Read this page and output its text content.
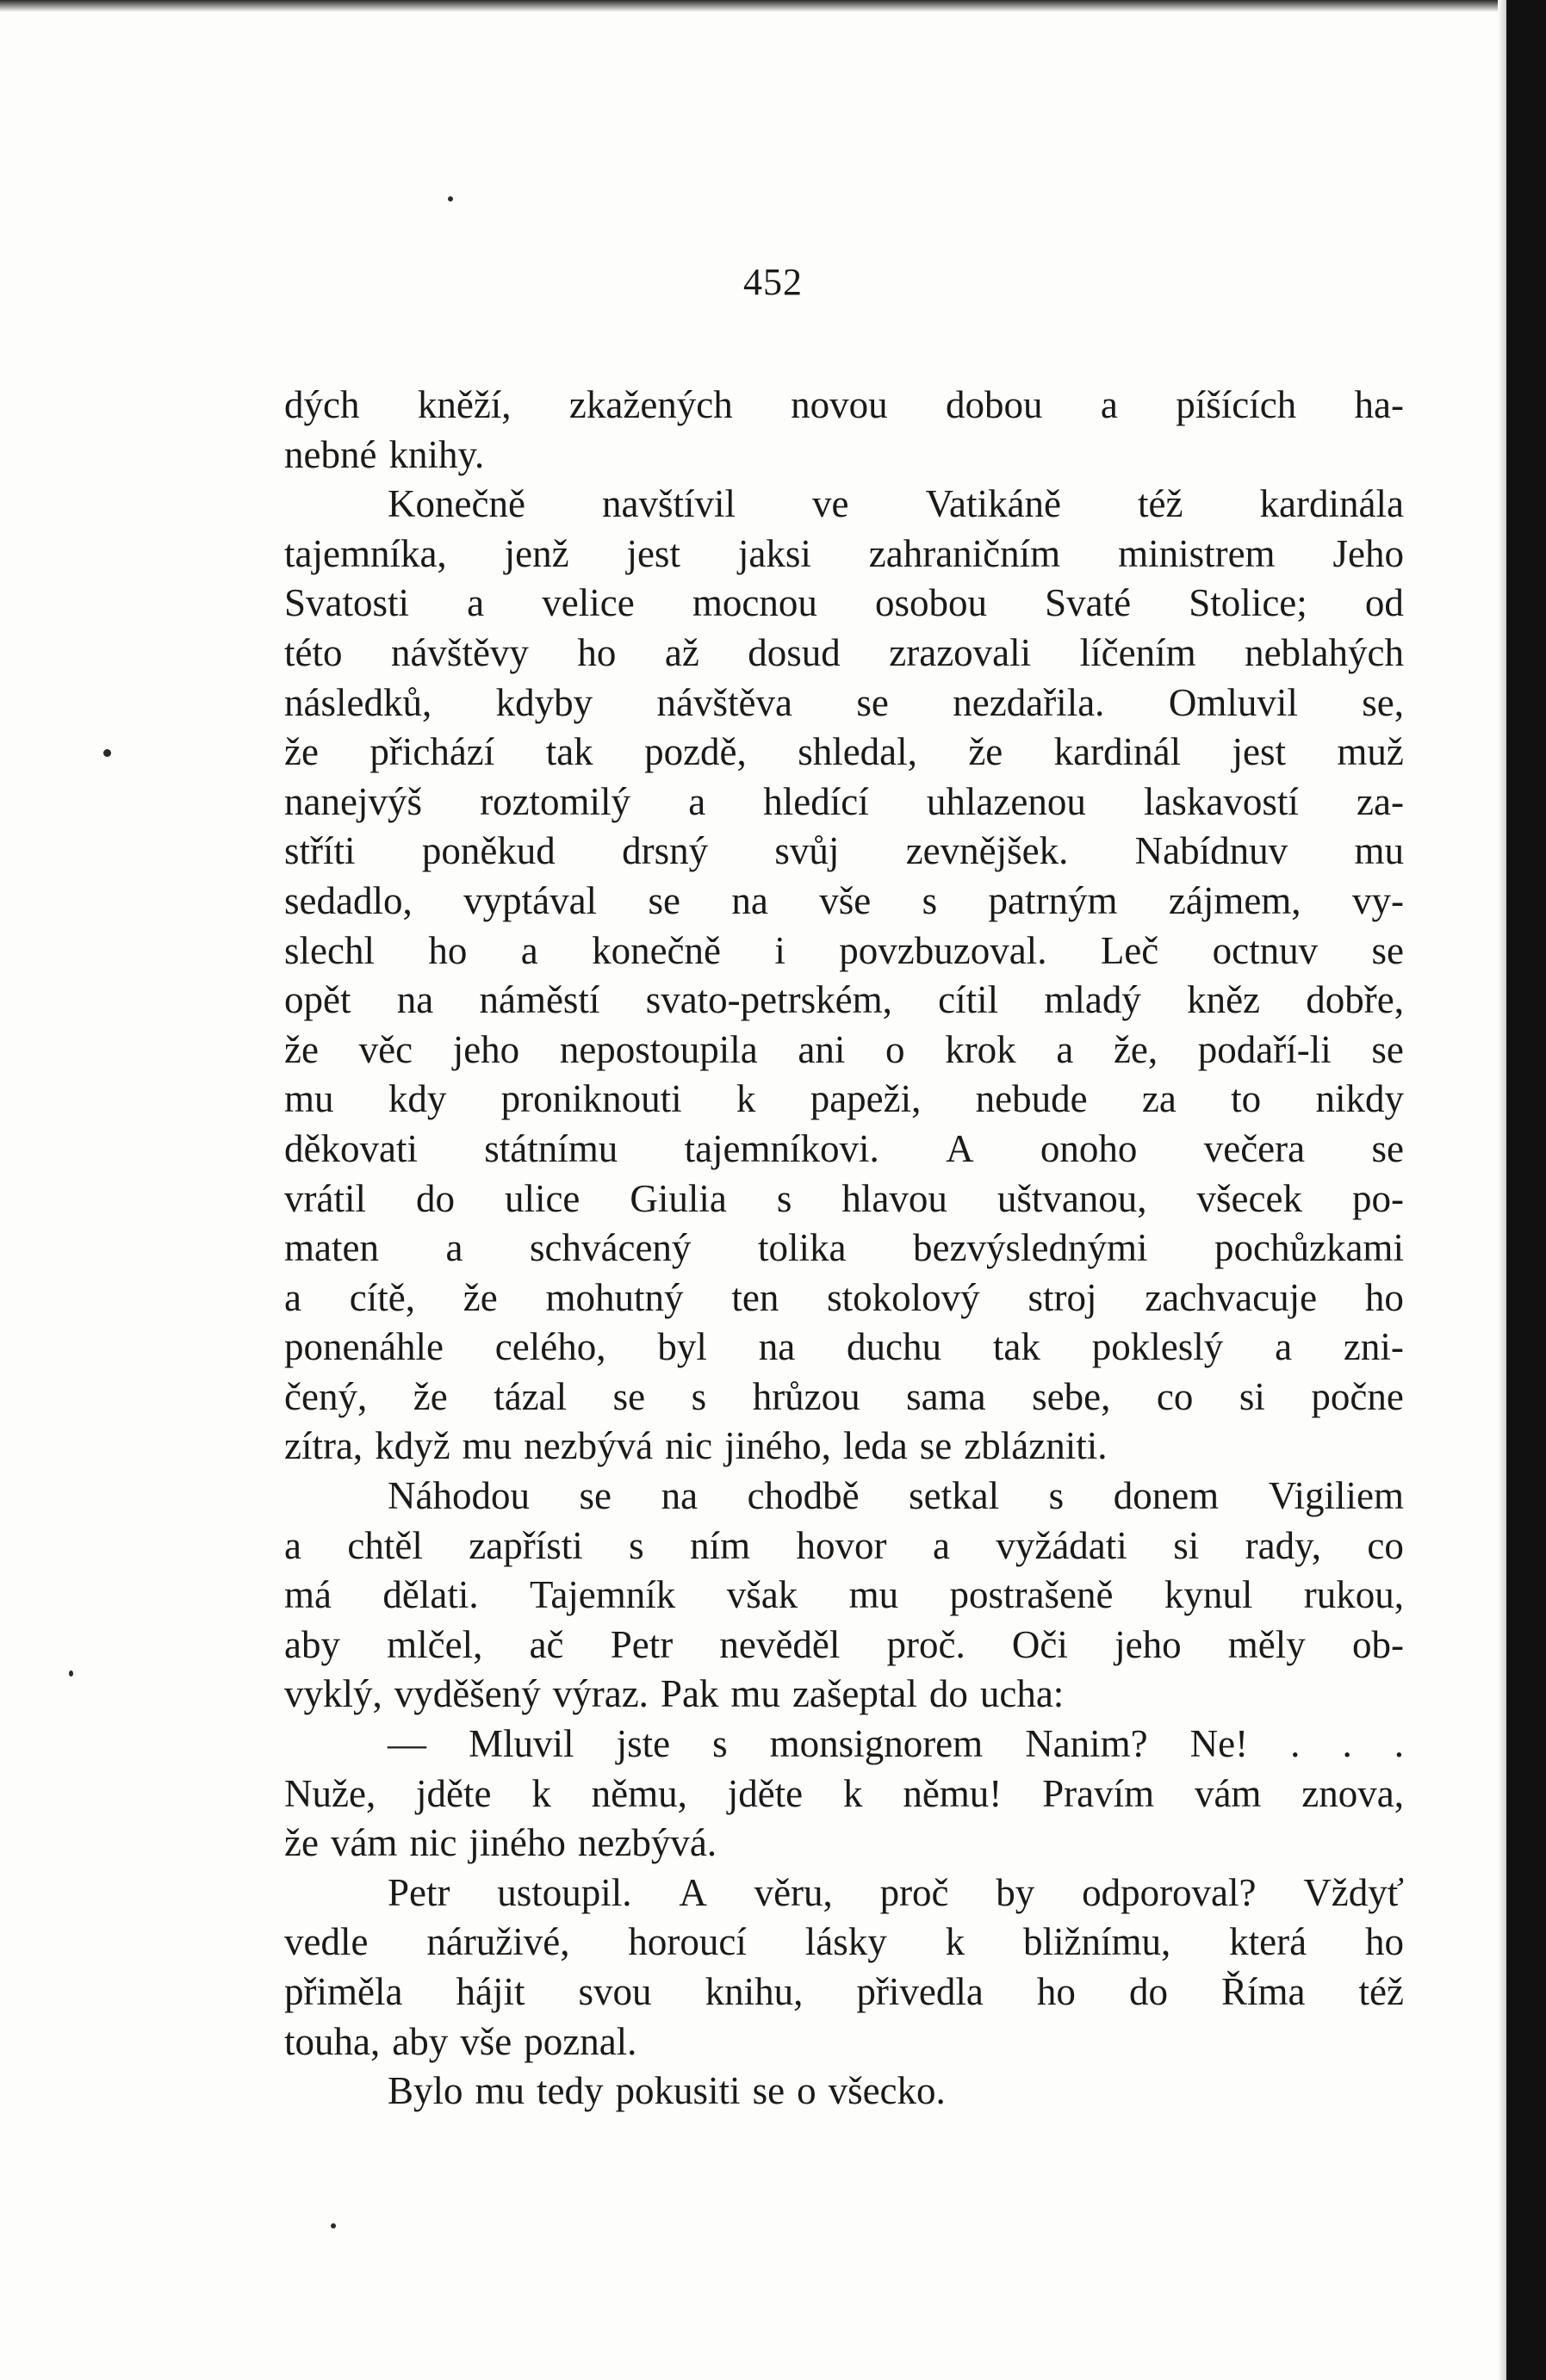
452
dých kněží, zkažených novou dobou a píšících ha-
nebné knihy.
Konečně navštívil ve Vatikáně též kardinála
tajemníka, jenž jest jaksi zahraničním ministrem Jeho
Svatosti a velice mocnou osobou Svaté Stolice; od
této návštěvy ho až dosud zrazovali líčením neblahých
následků, kdyby návštěva se nezdařila. Omluvil se,
že přichází tak pozdě, shledal, že kardinál jest muž
nanejvýš roztomilý a hledící uhlazenou laskavostí za-
stříti poněkud drsný svůj zevnějšek. Nabídnuv mu
sedadlo, vyptával se na vše s patrným zájmem, vy-
slechl ho a konečně i povzbuzoval. Leč octnuv se
opět na náměstí svato-petrském, cítil mladý kněz dobře,
že věc jeho nepostoupila ani o krok a že, podaří-li se
mu kdy proniknouti k papeži, nebude za to nikdy
děkovati státnímu tajemníkovi. A onoho večera se
vrátil do ulice Giulia s hlavou uštvanou, všecek po-
maten a schvácený tolika bezvýslednými pochůzkami
a cítě, že mohutný ten stokolový stroj zachvacuje ho
ponenáhle celého, byl na duchu tak pokleslý a zni-
čený, že tázal se s hrůzou sama sebe, co si počne
zítra, když mu nezbývá nic jiného, leda se zblázniti.
Náhodou se na chodbě setkal s donem Vigiliem
a chtěl zapřísti s ním hovor a vyžádati si rady, co
má dělati. Tajemník však mu postrašeně kynul rukou,
aby mlčel, ač Petr nevěděl proč. Oči jeho měly ob-
vyklý, vyděšený výraz. Pak mu zašeptal do ucha:
— Mluvil jste s monsignorem Nanim? Ne! . . .
Nuže, jděte k němu, jděte k němu! Pravím vám znova,
že vám nic jiného nezbývá.
Petr ustoupil. A věru, proč by odporoval? Vždyť
vedle náruživé, horoucí lásky k bližnímu, která ho
přiměla hájit svou knihu, přivedla ho do Říma též
touha, aby vše poznal.
Bylo mu tedy pokusiti se o všecko.
